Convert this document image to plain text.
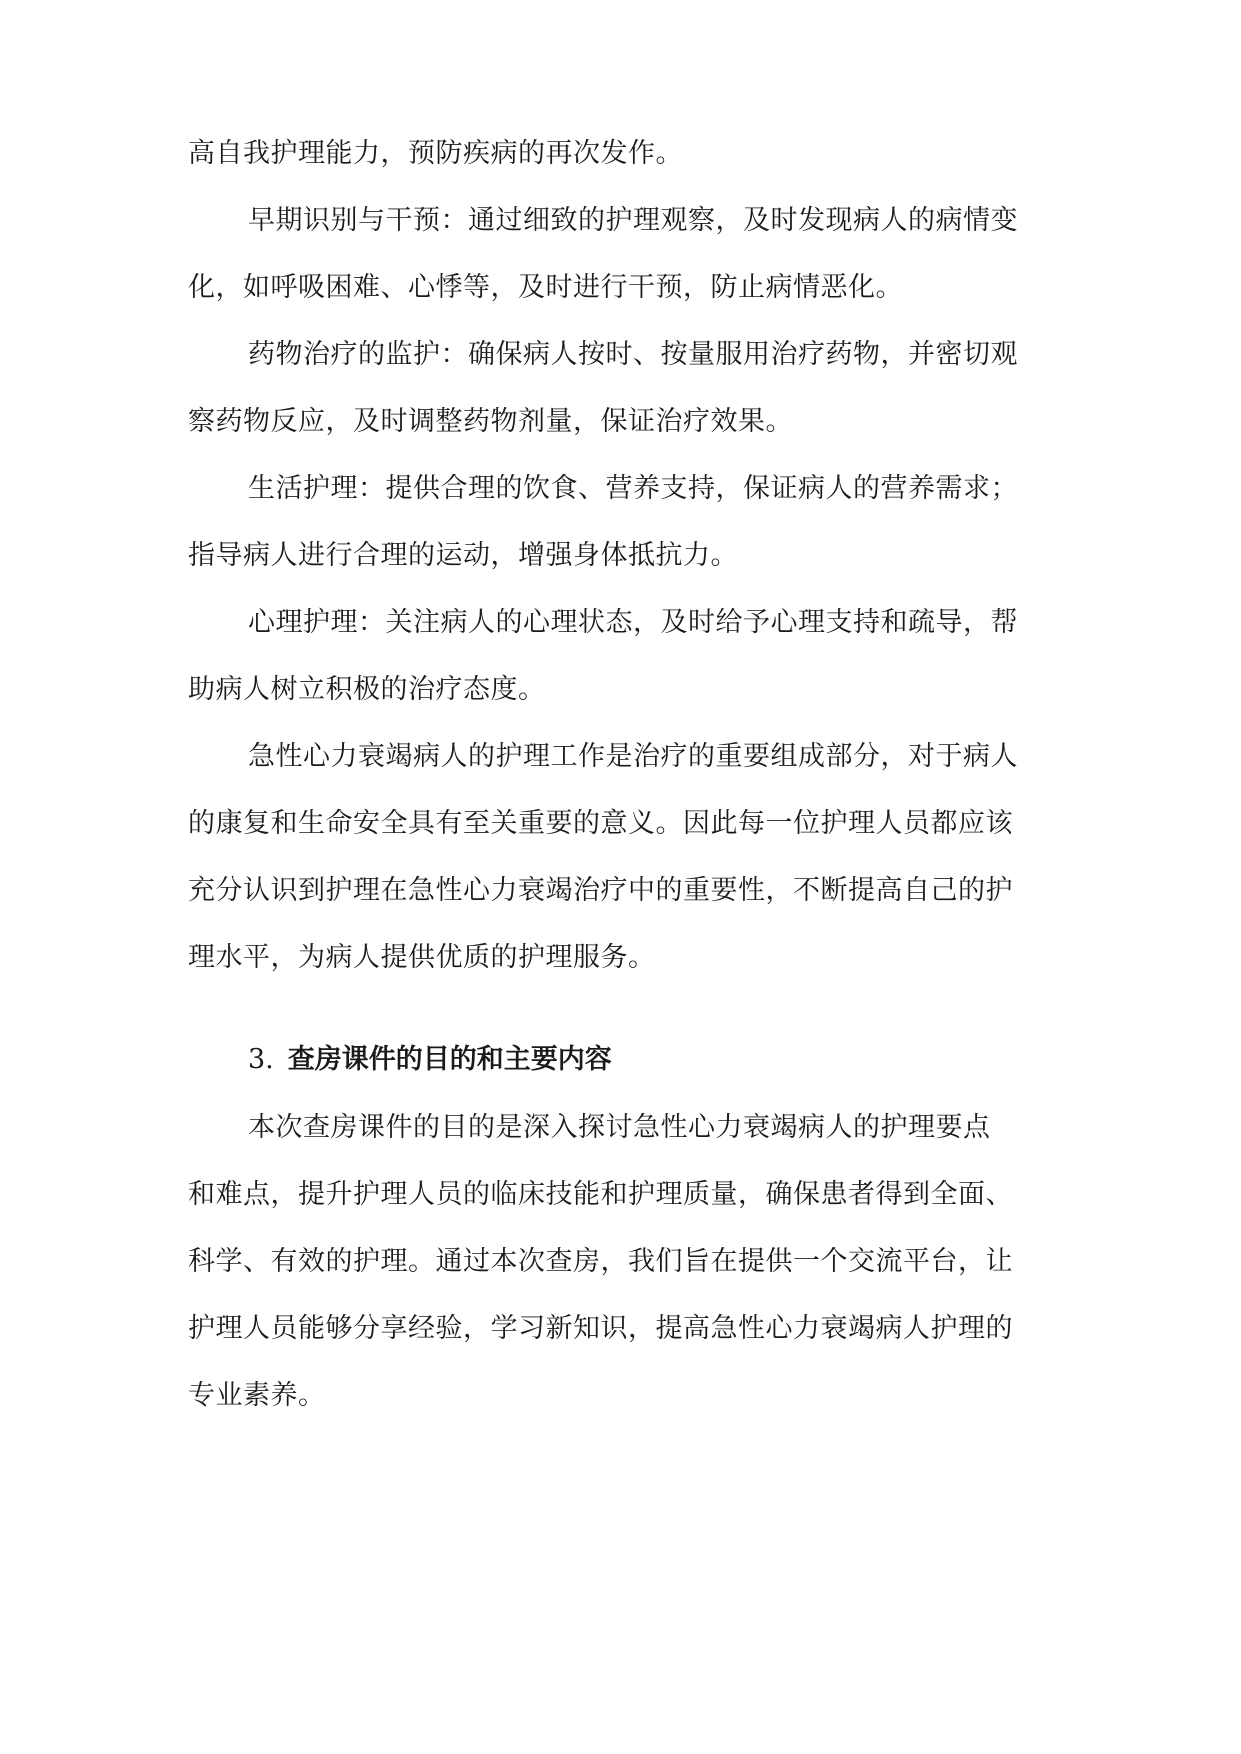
高自我护理能力，预防疾病的再次发作。
早期识别与干预：通过细致的护理观察，及时发现病人的病情变
化，如呼吸困难、心悸等，及时进行干预，防止病情恶化。
药物治疗的监护：确保病人按时、按量服用治疗药物，并密切观
察药物反应，及时调整药物剂量，保证治疗效果。
生活护理：提供合理的饮食、营养支持，保证病人的营养需求；
指导病人进行合理的运动，增强身体抵抗力。
心理护理：关注病人的心理状态，及时给予心理支持和疏导，帮
助病人树立积极的治疗态度。
急性心力衰竭病人的护理工作是治疗的重要组成部分，对于病人
的康复和生命安全具有至关重要的意义。因此每一位护理人员都应该
充分认识到护理在急性心力衰竭治疗中的重要性，不断提高自己的护
理水平，为病人提供优质的护理服务。
3. 查房课件的目的和主要内容
本次查房课件的目的是深入探讨急性心力衰竭病人的护理要点
和难点，提升护理人员的临床技能和护理质量，确保患者得到全面、
科学、有效的护理。通过本次查房，我们旨在提供一个交流平台，让
护理人员能够分享经验，学习新知识，提高急性心力衰竭病人护理的
专业素养。
